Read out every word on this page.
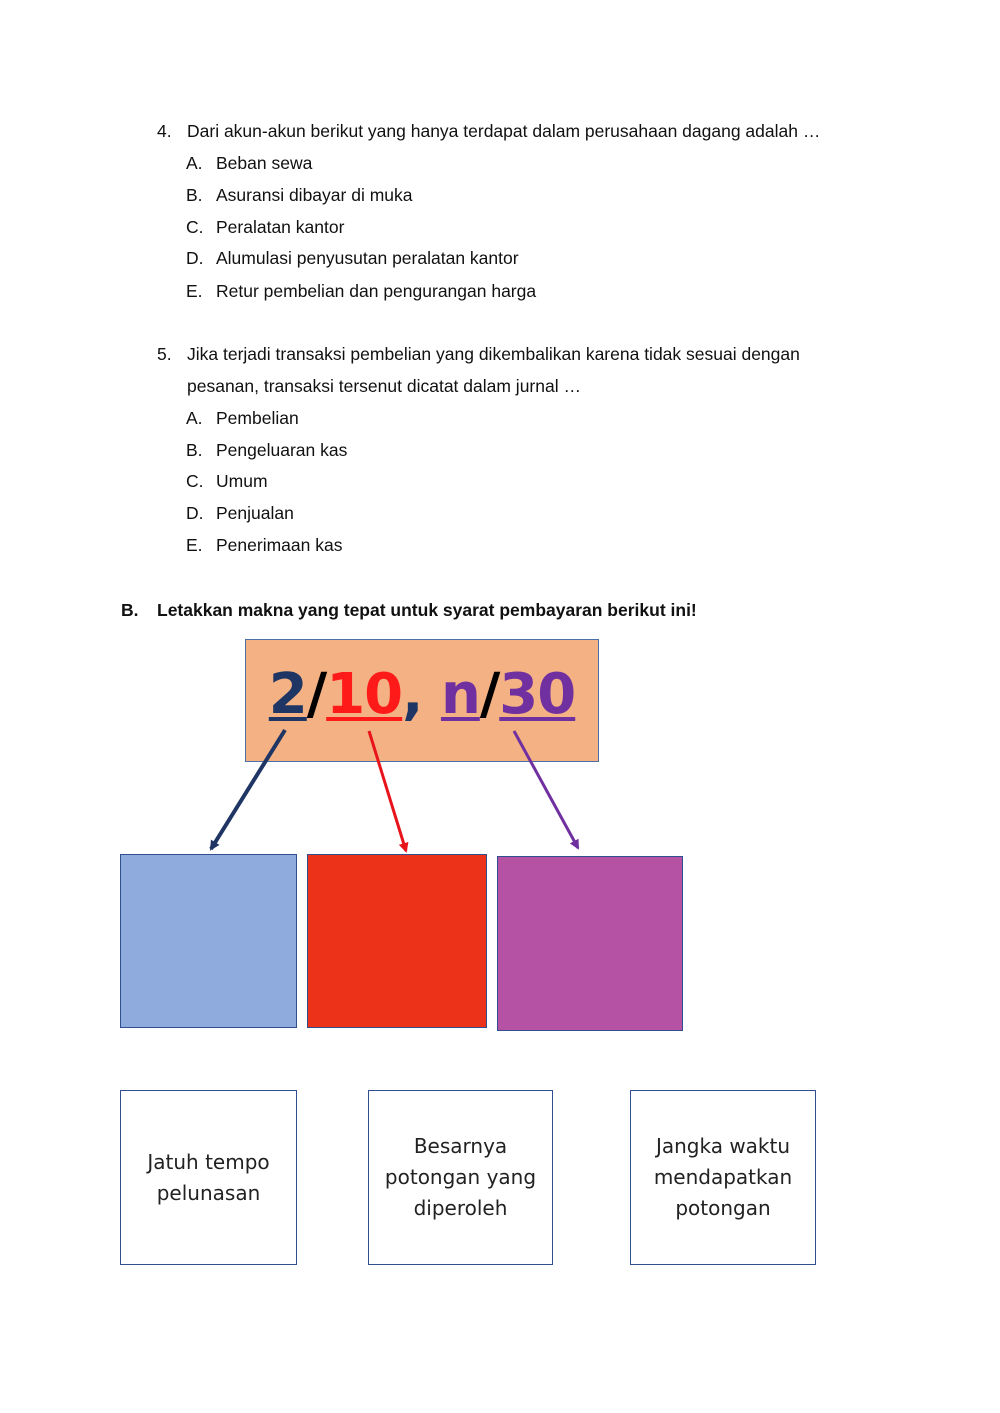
4. Dari akun-akun berikut yang hanya terdapat dalam perusahaan dagang adalah …
A. Beban sewa
B. Asuransi dibayar di muka
C. Peralatan kantor
D. Alumulasi penyusutan peralatan kantor
E. Retur pembelian dan pengurangan harga
5. Jika terjadi transaksi pembelian yang dikembalikan karena tidak sesuai dengan pesanan, transaksi tersenut dicatat dalam jurnal …
A. Pembelian
B. Pengeluaran kas
C. Umum
D. Penjualan
E. Penerimaan kas
B. Letakkan makna yang tepat untuk syarat pembayaran berikut ini!
2/10, n/30
Jatuh tempo pelunasan
Besarnya potongan yang diperoleh
Jangka waktu mendapatkan potongan
